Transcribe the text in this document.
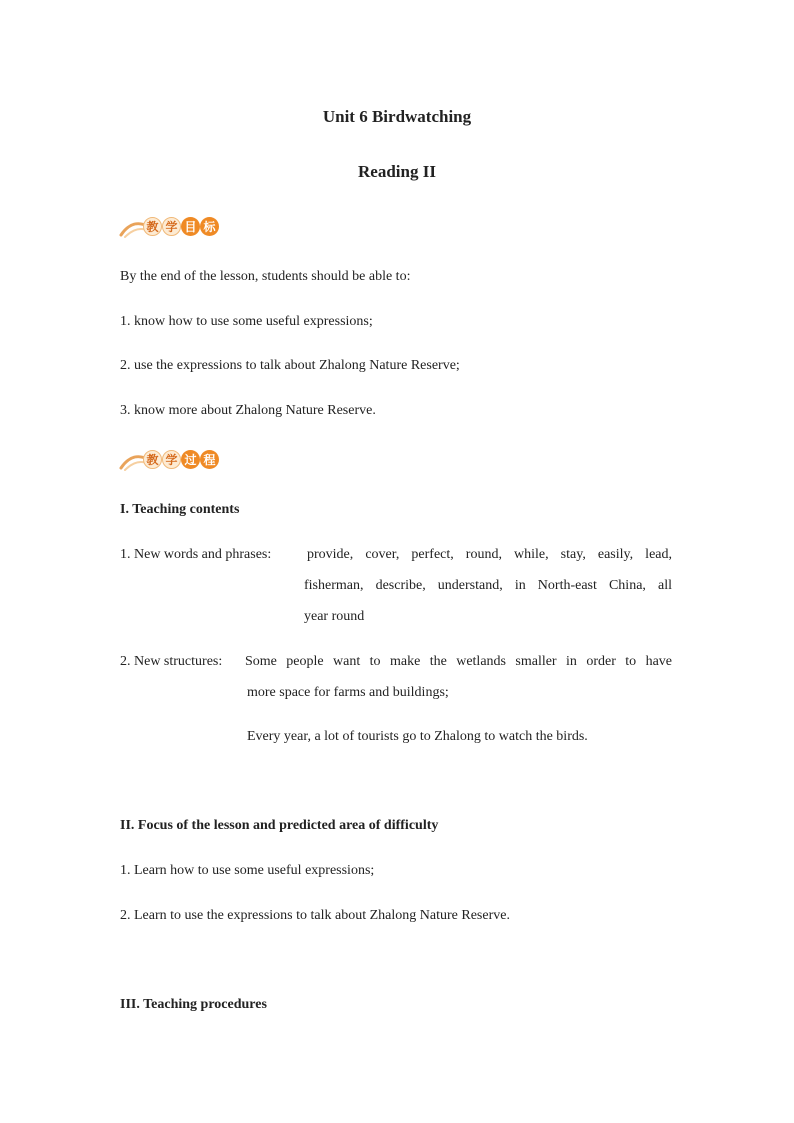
Unit 6 Birdwatching
Reading II
教 学 目 标
By the end of the lesson, students should be able to:
1. know how to use some useful expressions;
2. use the expressions to talk about Zhalong Nature Reserve;
3. know more about Zhalong Nature Reserve.
教 学 过 程
I. Teaching contents
1. New words and phrases:	provide, cover, perfect, round, while, stay, easily, lead,
fisherman, describe, understand, in North-east China, all
year round
2. New structures: Some people want to make the wetlands smaller in order to have
more space for farms and buildings;
Every year, a lot of tourists go to Zhalong to watch the birds.
II. Focus of the lesson and predicted area of difficulty
1. Learn how to use some useful expressions;
2. Learn to use the expressions to talk about Zhalong Nature Reserve.
III. Teaching procedures
